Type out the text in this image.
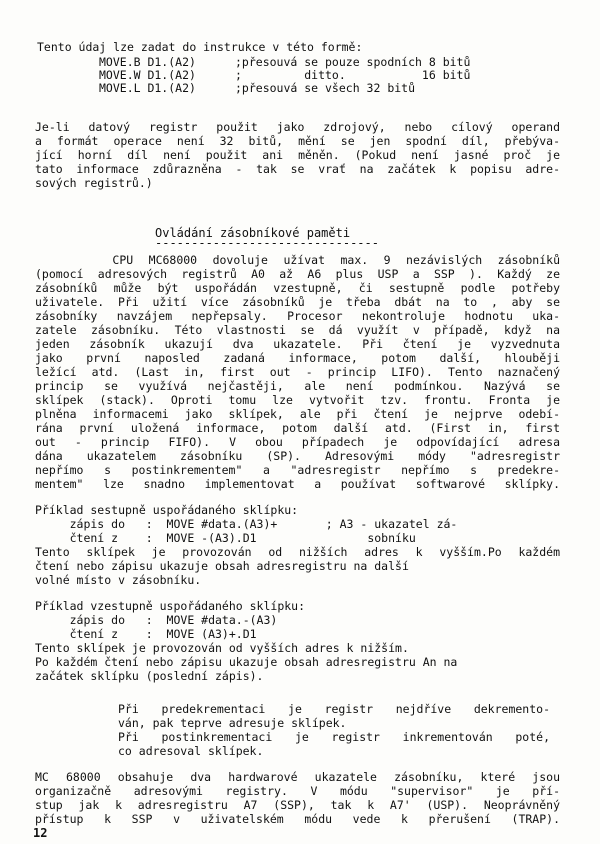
Tento údaj lze zadat do instrukce v této formě:
MOVE.B D1.(A2)	;přesouvá se pouze spodních 8 bitů
MOVE.W D1.(A2)	;         ditto.           16 bitů
MOVE.L D1.(A2)	;přesouvá se všech 32 bitů
Je-li datový registr použit jako zdrojový, nebo cílový operand
a formát operace není 32 bitů, mění se jen spodní díl, přebýva-
jící horní díl není použit ani měněn. (Pokud není jasné proč je
tato informace zdůrazněna - tak se vrať na začátek k popisu adre-
sových registrů.)
Ovládání zásobníkové paměti
-------------------------------
CPU MC68000 dovoluje užívat max. 9 nezávislých zásobníků
(pomocí adresových registrů A0 až A6 plus USP a SSP ). Každý ze
zásobníků může být uspořádán vzestupně, či sestupně podle potřeby
uživatele. Při užití více zásobníků je třeba dbát na to , aby se
zásobníky navzájem nepřepsaly. Procesor nekontroluje hodnotu uka-
zatele zásobníku. Této vlastnosti se dá využít v případě, když na
jeden zásobník ukazují dva ukazatele. Při čtení je vyzvednuta
jako první naposled zadaná informace, potom další, hlouběji
ležící atd. (Last in, first out - princip LIFO). Tento naznačený
princip se využívá nejčastěji, ale není podmínkou. Nazývá se
sklípek (stack). Oproti tomu lze vytvořit tzv. frontu. Fronta je
plněna informacemi jako sklípek, ale při čtení je nejprve odebí-
rána první uložená informace, potom další atd. (First in, first
out - princip FIFO). V obou případech je odpovídající adresa
dána ukazatelem zásobníku (SP). Adresovými módy "adresregistr
nepřímo s postinkrementem" a "adresregistr nepřímo s predekre-
mentem" lze snadno implementovat a používat softwarové sklípky.
Příklad sestupně uspořádaného sklípku:
zápis do   :  MOVE #data.(A3)+       ; A3 - ukazatel zá-
čtení z    :  MOVE -(A3).D1                sobníku
Tento sklípek je provozován od nižších adres k vyšším.Po každém
čtení nebo zápisu ukazuje obsah adresregistru na další
volné místo v zásobníku.
Příklad vzestupně uspořádaného sklípku:
zápis do   :  MOVE #data.-(A3)
čtení z    :  MOVE (A3)+.D1
Tento sklípek je provozován od vyšších adres k nižším.
Po každém čtení nebo zápisu ukazuje obsah adresregistru An na
začátek sklípku (poslední zápis).
Při predekrementaci je registr nejdříve dekremento-
ván, pak teprve adresuje sklípek.
Při postinkrementaci je registr inkrementován poté,
co adresoval sklípek.
MC 68000 obsahuje dva hardwarové ukazatele zásobníku, které jsou
organizačně adresovými registry. V módu "supervisor" je pří-
stup jak k adresregistru A7 (SSP), tak k A7' (USP). Neoprávněný
přístup k SSP v uživatelském módu vede k přerušení (TRAP).
12
